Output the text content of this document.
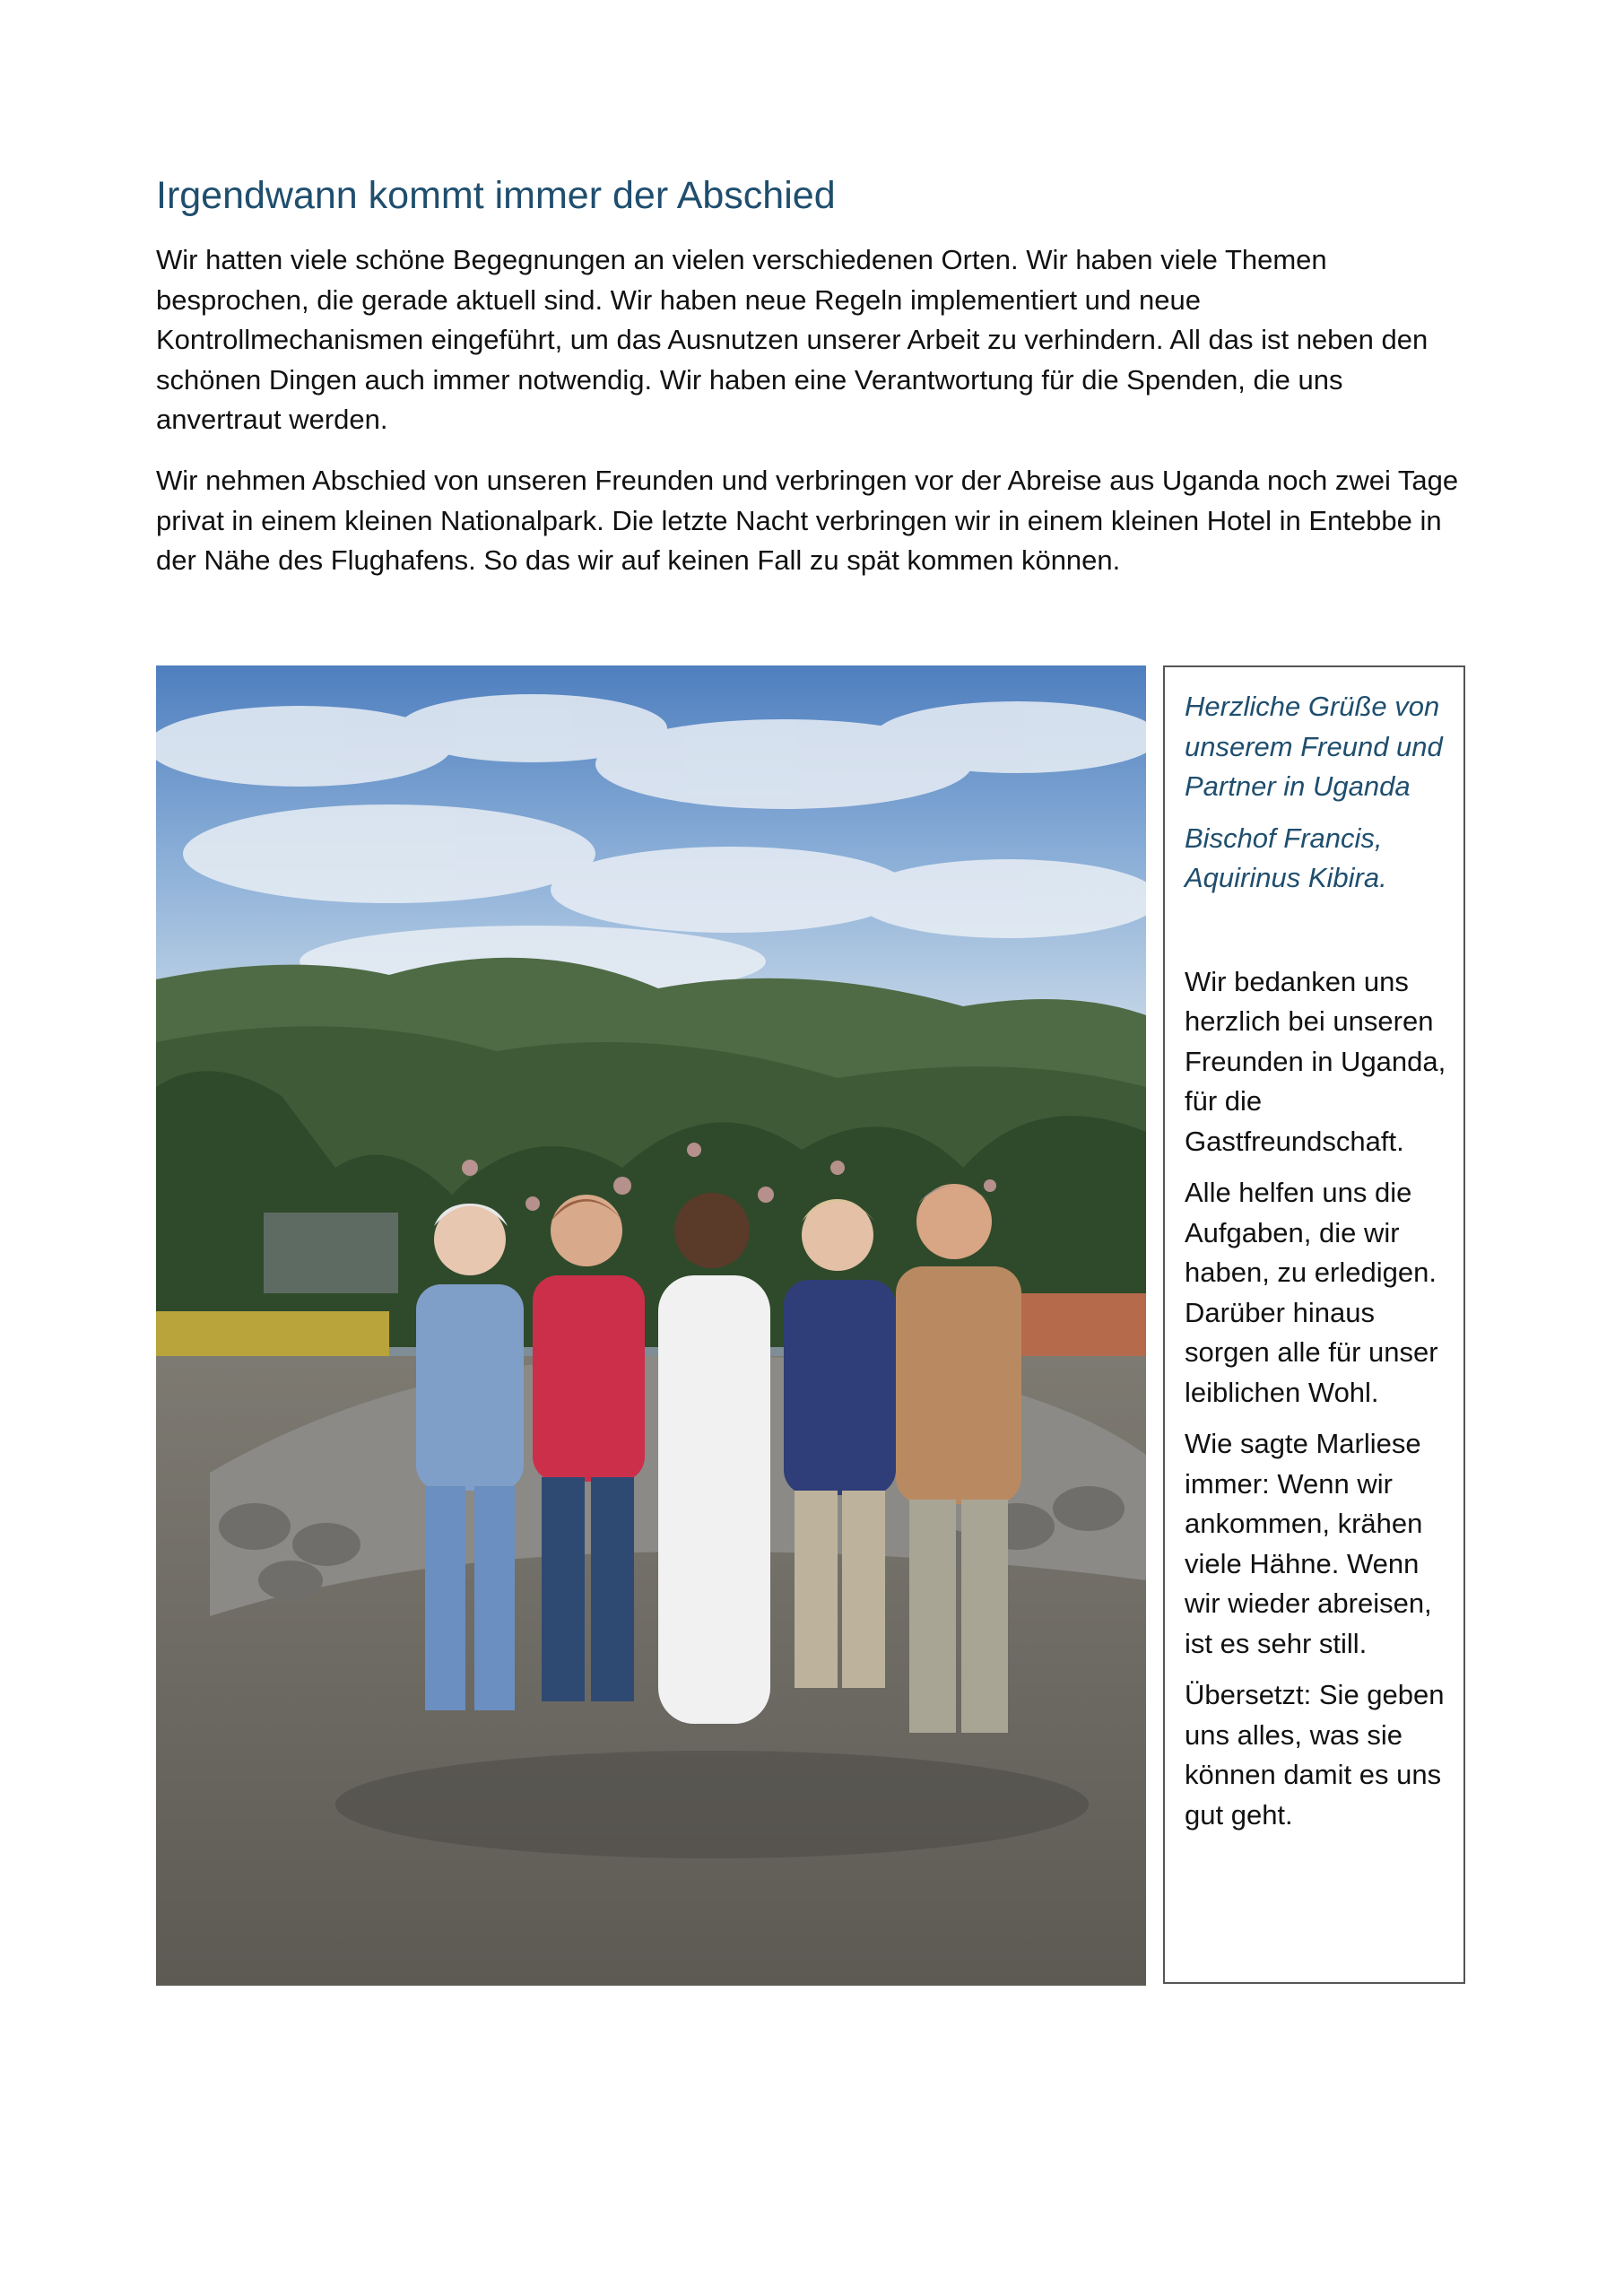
Irgendwann kommt immer der Abschied

Wir hatten viele schöne Begegnungen an vielen verschiedenen Orten. Wir haben viele Themen besprochen, die gerade aktuell sind. Wir haben neue Regeln implementiert und neue Kontrollmechanismen eingeführt, um das Ausnutzen unserer Arbeit zu verhindern. All das ist neben den schönen Dingen auch immer notwendig. Wir haben eine Verantwortung für die Spenden, die uns anvertraut werden.

Wir nehmen Abschied von unseren Freunden und verbringen vor der Abreise aus Uganda noch zwei Tage privat in einem kleinen Nationalpark. Die letzte Nacht verbringen wir in einem kleinen Hotel in Entebbe in der Nähe des Flughafens. So das wir auf keinen Fall zu spät kommen können.

Herzliche Grüße von unserem Freund und Partner in Uganda

Bischof Francis, Aquirinus Kibira.

Wir bedanken uns herzlich bei unseren Freunden in Uganda, für die Gastfreundschaft.

Alle helfen uns die Aufgaben, die wir haben, zu erledigen. Darüber hinaus sorgen alle für unser leiblichen Wohl.

Wie sagte Marliese immer: Wenn wir ankommen, krähen viele Hähne. Wenn wir wieder abreisen, ist es sehr still.

Übersetzt: Sie geben uns alles, was sie können damit es uns gut geht.
